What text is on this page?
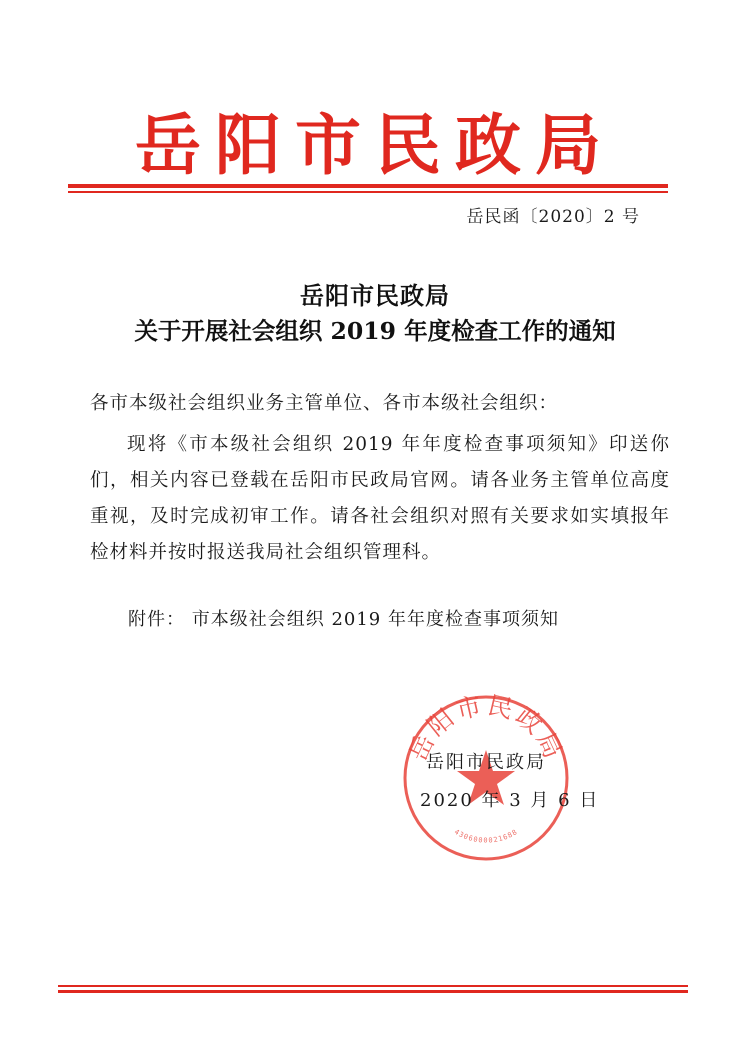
岳阳市民政局
岳民函〔2020〕2 号
岳阳市民政局
关于开展社会组织 2019 年度检查工作的通知
各市本级社会组织业务主管单位、各市本级社会组织：
现将《市本级社会组织 2019 年年度检查事项须知》印送你们，相关内容已登载在岳阳市民政局官网。请各业务主管单位高度重视，及时完成初审工作。请各社会组织对照有关要求如实填报年检材料并按时报送我局社会组织管理科。
附件： 市本级社会组织 2019 年年度检查事项须知
岳阳市民政局
4306000021688
岳阳市民政局
2020 年 3 月 6 日
